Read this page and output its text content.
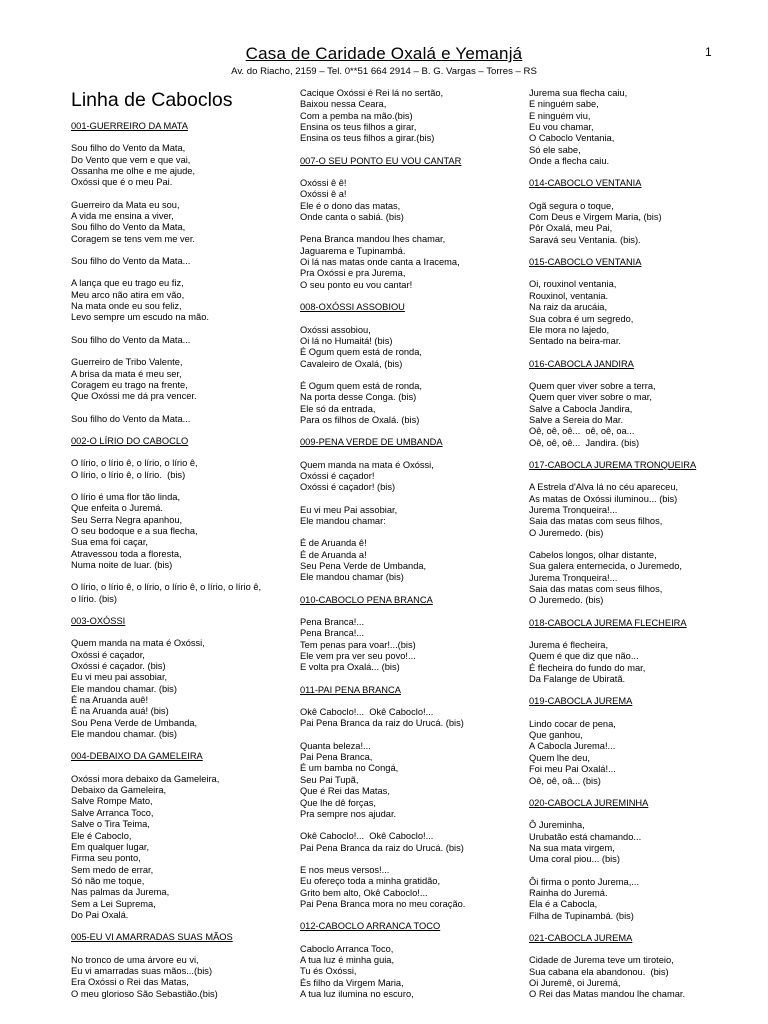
Casa de Caridade Oxalá e Yemanjá
Av. do Riacho, 2159 – Tel. 0**51 664 2914 – B. G. Vargas – Torres – RS
1
Linha de Caboclos
001-GUERREIRO DA MATA
Sou filho do Vento da Mata,
Do Vento que vem e que vai,
Ossanha me olhe e me ajude,
Oxóssi que é o meu Pai.
Guerreiro da Mata eu sou,
A vida me ensina a viver,
Sou filho do Vento da Mata,
Coragem se tens vem me ver.
Sou filho do Vento da Mata...
A lança que eu trago eu fiz,
Meu arco não atira em vão,
Na mata onde eu sou feliz,
Levo sempre um escudo na mão.
Sou filho do Vento da Mata...
Guerreiro de Tribo Valente,
A brisa da mata é meu ser,
Coragem eu trago na frente,
Que Oxóssi me dá pra vencer.
Sou filho do Vento da Mata...
002-O LÍRIO DO CABOCLO
O lírio, o lírio ê, o lírio, o lírio ê,
O lírio, o lírio ê, o lírio.  (bis)
O lírio é uma flor tão linda,
Que enfeita o Juremá.
Seu Serra Negra apanhou,
O seu bodoque e a sua flecha,
Sua ema foi caçar,
Atravessou toda a floresta,
Numa noite de luar. (bis)
O lírio, o lírio ê, o lírio, o lírio ê, o lírio, o lírio ê, o lírio. (bis)
003-OXÓSSI
Quem manda na mata é Oxóssi,
Oxóssi é caçador,
Oxóssi é caçador. (bis)
Eu vi meu pai assobiar,
Ele mandou chamar. (bis)
É na Aruanda auê!
É na Aruanda auá! (bis)
Sou Pena Verde de Umbanda,
Ele mandou chamar. (bis)
004-DEBAIXO DA GAMELEIRA
Oxóssi mora debaixo da Gameleira,
Debaixo da Gameleira,
Salve Rompe Mato,
Salve Arranca Toco,
Salve o Tira Teima,
Ele é Caboclo,
Em qualquer lugar,
Firma seu ponto,
Sem medo de errar,
Só não me toque,
Nas palmas da Jurema,
Sem a Lei Suprema,
Do Pai Oxalá.
005-EU VI AMARRADAS SUAS MÃOS
No tronco de uma árvore eu vi,
Eu vi amarradas suas mãos...(bis)
Era Oxóssi o Rei das Matas,
O meu glorioso São Sebastião.(bis)
Cacique Oxóssi é Rei lá no sertão,
Baixou nessa Ceara,
Com a pemba na mão.(bis)
Ensina os teus filhos a girar,
Ensina os teus filhos a girar.(bis)
007-O SEU PONTO EU VOU CANTAR
Oxóssi ê ê!
Oxóssi ê a!
Ele é o dono das matas,
Onde canta o sabiá. (bis)
Pena Branca mandou lhes chamar,
Jaguarema e Tupinambá.
Oi lá nas matas onde canta a Iracema,
Pra Oxóssi e pra Jurema,
O seu ponto eu vou cantar!
008-OXÓSSI ASSOBIOU
Oxóssi assobiou,
Oi lá no Humaitá! (bis)
É Ogum quem está de ronda,
Cavaleiro de Oxalá, (bis)
É Ogum quem está de ronda,
Na porta desse Conga. (bis)
Ele só da entrada,
Para os filhos de Oxalá. (bis)
009-PENA VERDE DE UMBANDA
Quem manda na mata é Oxóssi,
Oxóssi é caçador!
Oxóssi é caçador! (bis)
Eu vi meu Pai assobiar,
Ele mandou chamar:
É de Aruanda ê!
É de Aruanda a!
Seu Pena Verde de Umbanda,
Ele mandou chamar (bis)
010-CABOCLO PENA BRANCA
Pena Branca!...
Pena Branca!...
Tem penas para voar!...(bis)
Ele vem pra ver seu povo!...
E volta pra Oxalá... (bis)
011-PAI PENA BRANCA
Okê Caboclo!...  Okê Caboclo!...
Pai Pena Branca da raiz do Urucá. (bis)
Quanta beleza!...
Pai Pena Branca,
É um bamba no Congá,
Seu Pai Tupã,
Que é Rei das Matas,
Que lhe dê forças,
Pra sempre nos ajudar.
Okê Caboclo!...  Okê Caboclo!...
Pai Pena Branca da raiz do Urucá. (bis)
E nos meus versos!...
Eu ofereço toda a minha gratidão,
Grito bem alto, Okê Caboclo!...
Pai Pena Branca mora no meu coração.
012-CABOCLO ARRANCA TOCO
Caboclo Arranca Toco,
A tua luz é minha guia,
Tu és Oxóssi,
És filho da Virgem Maria,
A tua luz ilumina no escuro,
Jurema sua flecha caiu,
E ninguém sabe,
E ninguém viu,
Eu vou chamar,
O Caboclo Ventania,
Só ele sabe,
Onde a flecha caiu.
014-CABOCLO VENTANIA
Ogã segura o toque,
Com Deus e Virgem Maria, (bis)
Pôr Oxalá, meu Pai,
Saravá seu Ventania. (bis).
015-CABOCLO VENTANIA
Oi, rouxinol ventania,
Rouxinol, ventania.
Na raiz da arucáia,
Sua cobra é um segredo,
Ele mora no lajedo,
Sentado na beira-mar.
016-CABOCLA JANDIRA
Quem quer viver sobre a terra,
Quem quer viver sobre o mar,
Salve a Cabocla Jandira,
Salve a Sereia do Mar.
Oê, oê, oê...  oê, oê, oa...
Oê, oê, oê...  Jandira. (bis)
017-CABOCLA JUREMA TRONQUEIRA
A Estrela d'Alva lá no céu apareceu,
As matas de Oxóssi iluminou... (bis)
Jurema Tronqueira!...
Saia das matas com seus filhos,
O Juremedo. (bis)
Cabelos longos, olhar distante,
Sua galera enternecida, o Juremedo,
Jurema Tronqueira!...
Saia das matas com seus filhos,
O Juremedo. (bis)
018-CABOCLA JUREMA FLECHEIRA
Jurema é flecheira,
Quem é que diz que não...
É flecheira do fundo do mar,
Da Falange de Ubiratã.
019-CABOCLA JUREMA
Lindo cocar de pena,
Que ganhou,
A Cabocla Jurema!...
Quem lhe deu,
Foi meu Pai Oxalá!...
Oê, oê, oâ... (bis)
020-CABOCLA JUREMINHA
Ô Jureminha,
Urubatão está chamando...
Na sua mata virgem,
Uma coral piou... (bis)
Ôi firma o ponto Jurema,...
Rainha do Juremá.
Ela é a Cabocla,
Filha de Tupinambá. (bis)
021-CABOCLA JUREMA
Cidade de Jurema teve um tiroteio,
Sua cabana ela abandonou.  (bis)
Oi Juremê, oi Juremá,
O Rei das Matas mandou lhe chamar.
